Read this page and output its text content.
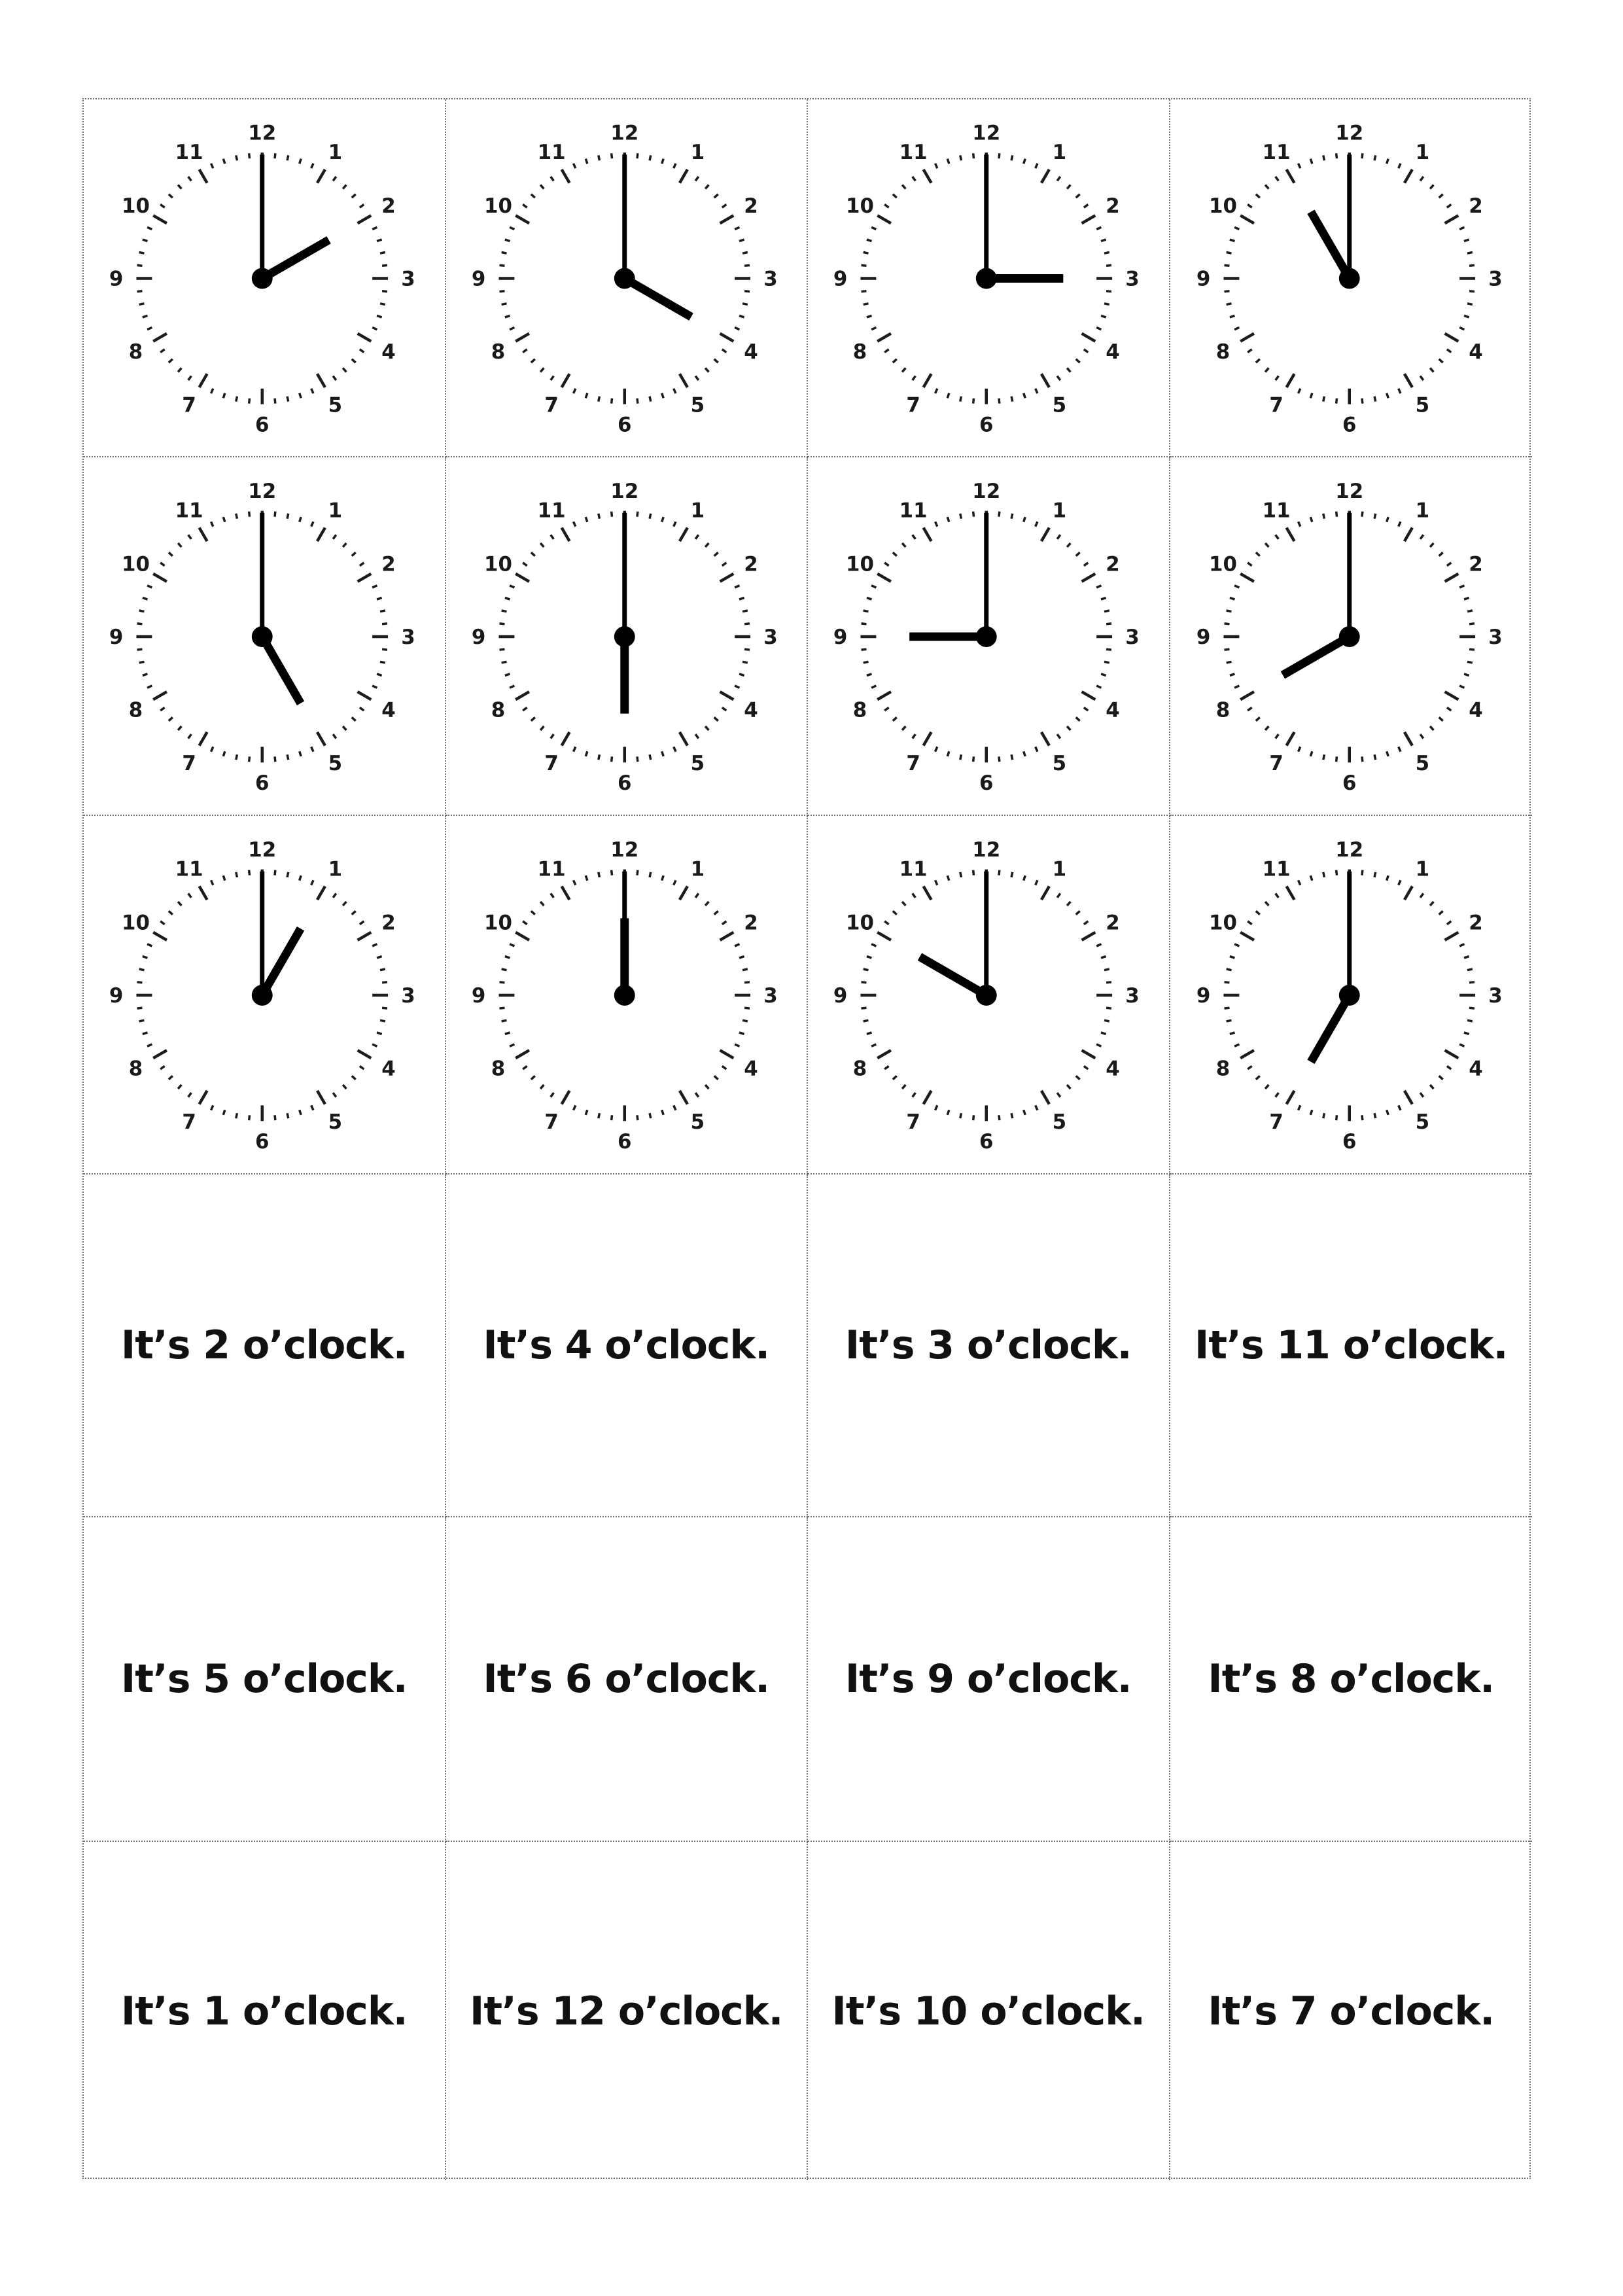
12
1
2
3
4
5
6
7
8
9
10
11
12
1
2
3
4
5
6
7
8
9
10
11
12
1
2
3
4
5
6
7
8
9
10
11
12
1
2
3
4
5
6
7
8
9
10
11
12
1
2
3
4
5
6
7
8
9
10
11
12
1
2
3
4
5
6
7
8
9
10
11
12
1
2
3
4
5
6
7
8
9
10
11
12
1
2
3
4
5
6
7
8
9
10
11
12
1
2
3
4
5
6
7
8
9
10
11
12
1
2
3
4
5
6
7
8
9
10
11
12
1
2
3
4
5
6
7
8
9
10
11
12
1
2
3
4
5
6
7
8
9
10
11
It’s 2 o’clock. It’s 4 o’clock. It’s 3 o’clock. It’s 11 o’clock.
It’s 5 o’clock. It’s 6 o’clock. It’s 9 o’clock. It’s 8 o’clock.
It’s 1 o’clock. It’s 12 o’clock. It’s 10 o’clock. It’s 7 o’clock.
